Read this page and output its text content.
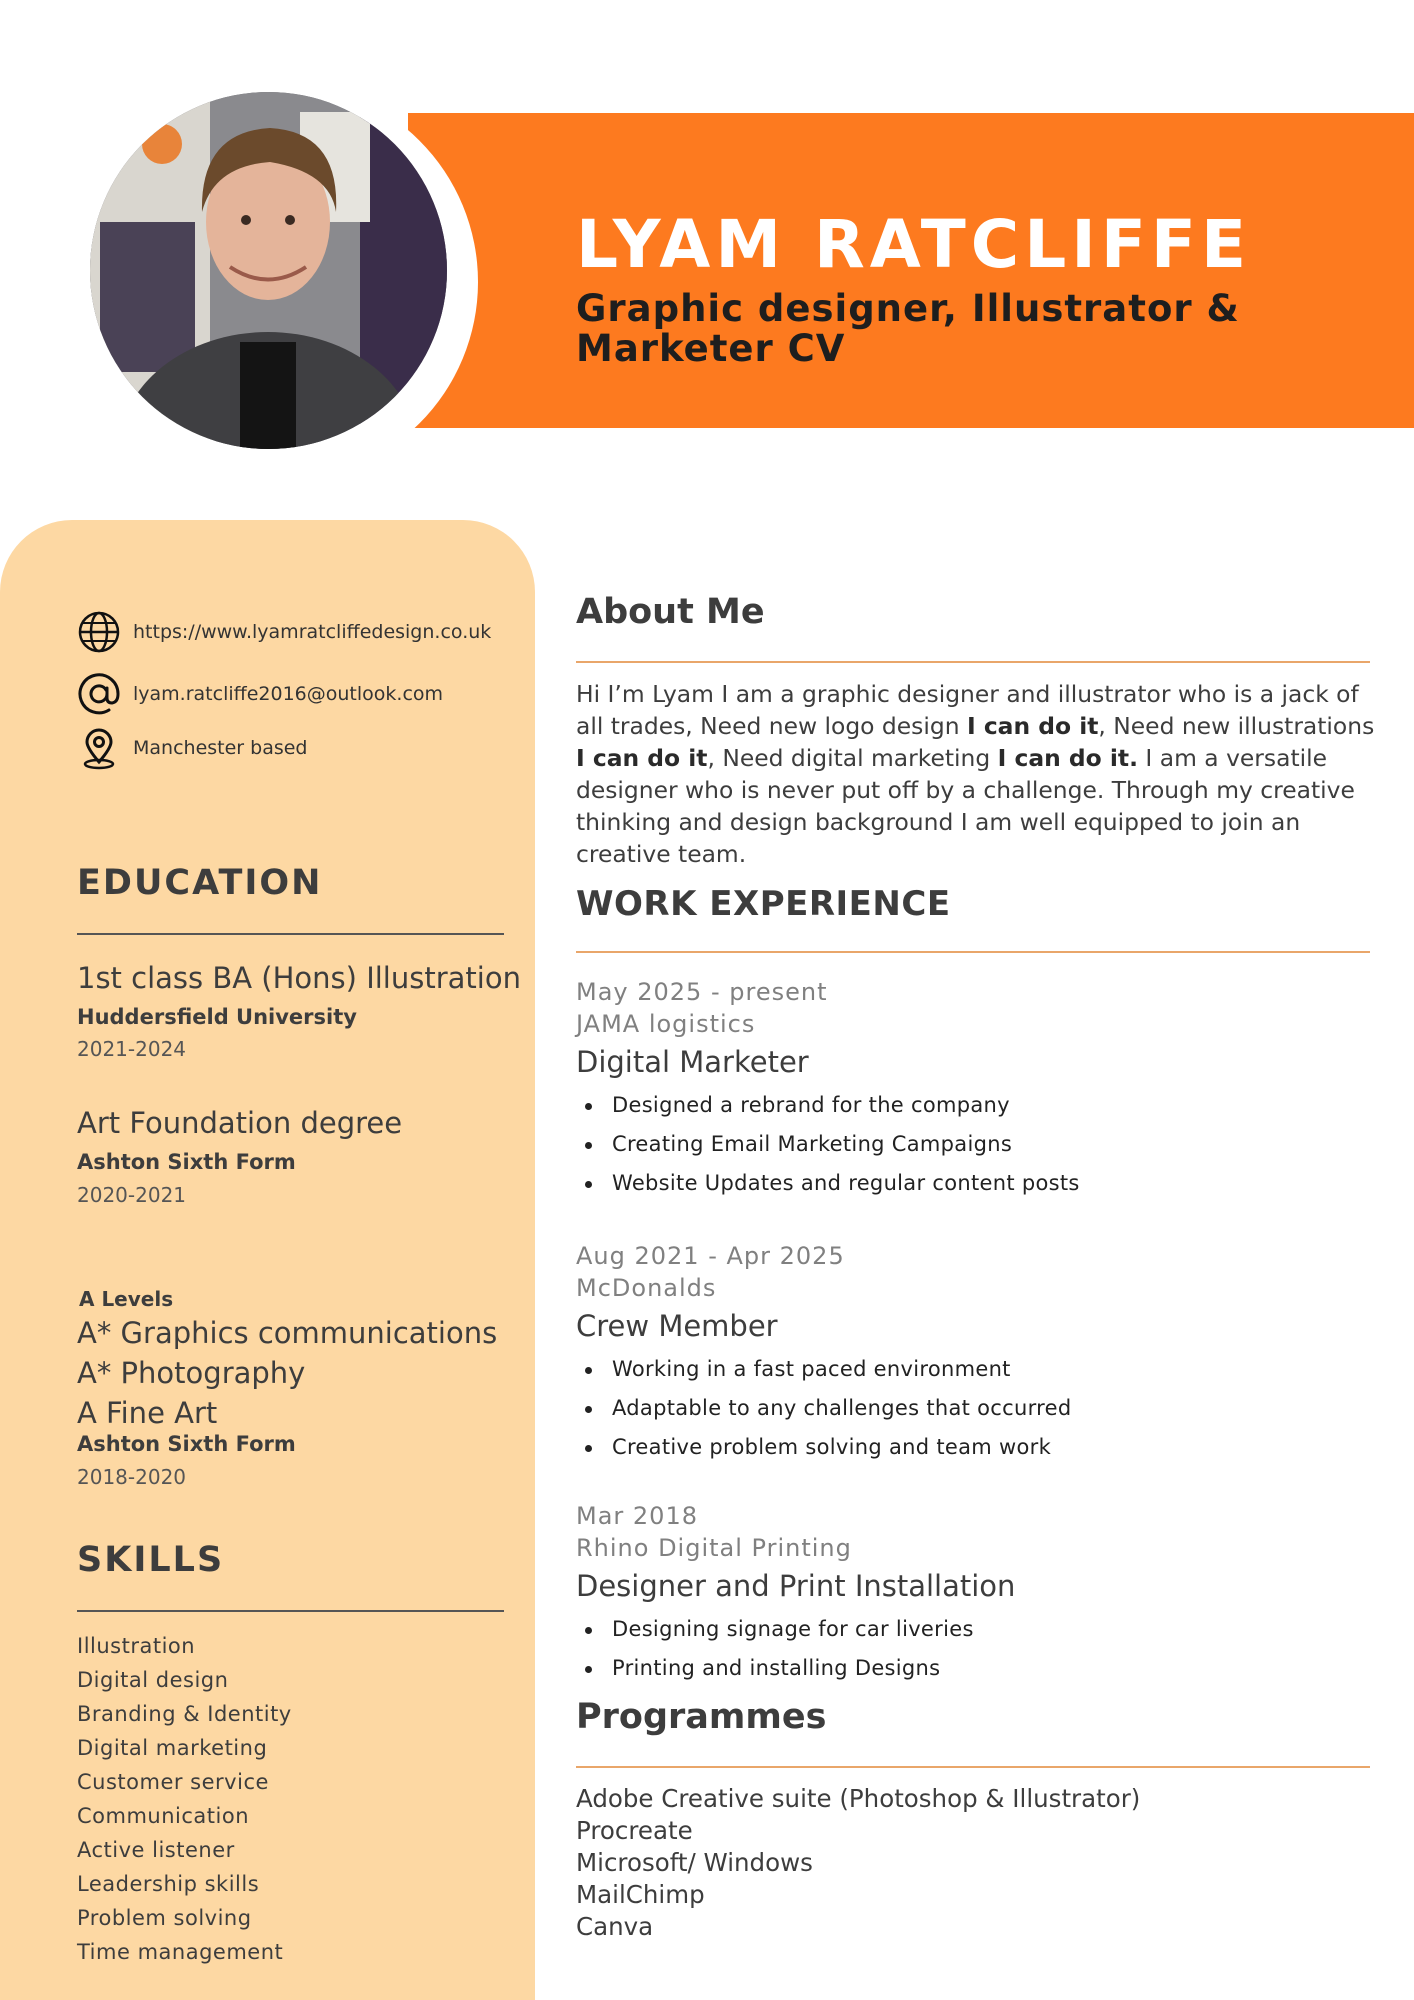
LYAM RATCLIFFE
Graphic designer, Illustrator & Marketer CV
https://www.lyamratcliffedesign.co.uk
lyam.ratcliffe2016@outlook.com
Manchester based
EDUCATION
1st class BA (Hons) Illustration
Huddersfield University
2021-2024
Art Foundation degree
Ashton Sixth Form
2020-2021
A Levels
A* Graphics communications
A* Photography
A Fine Art
Ashton Sixth Form
2018-2020
SKILLS
Illustration
Digital design
Branding & Identity
Digital marketing
Customer service
Communication
Active listener
Leadership skills
Problem solving
Time management
About Me

Hi I’m Lyam I am a graphic designer and illustrator who is a jack of all trades, Need new logo design I can do it, Need new illustrations I can do it, Need digital marketing I can do it. I am a versatile designer who is never put off by a challenge. Through my creative thinking and design background I am well equipped to join an creative team.

WORK EXPERIENCE
May 2025 - present
JAMA logistics
Digital Marketer
Designed a rebrand for the company
Creating Email Marketing Campaigns
Website Updates and regular content posts
Aug 2021 - Apr 2025
McDonalds
Crew Member
Working in a fast paced environment
Adaptable to any challenges that occurred
Creative problem solving and team work
Mar 2018
Rhino Digital Printing
Designer and Print Installation
Designing signage for car liveries
Printing and installing Designs
Programmes
Adobe Creative suite (Photoshop & Illustrator)
Procreate
Microsoft/ Windows
MailChimp
Canva
